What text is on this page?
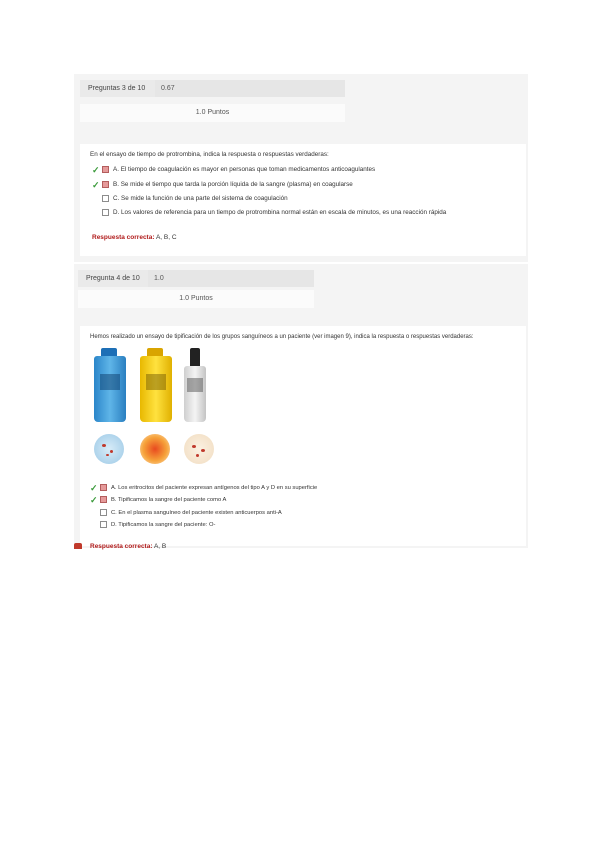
Preguntas 3 de 10	0.67
1.0 Puntos
En el ensayo de tiempo de protrombina, indica la respuesta o respuestas verdaderas:
✓	A. El tiempo de coagulación es mayor en personas que toman medicamentos anticoagulantes
✓	B. Se mide el tiempo que tarda la porción líquida de la sangre (plasma) en coagularse
C. Se mide la función de una parte del sistema de coagulación
D. Los valores de referencia para un tiempo de protrombina normal están en escala de minutos, es una reacción rápida
Respuesta correcta: A, B, C
Pregunta 4 de 10	1.0
1.0 Puntos
Hemos realizado un ensayo de tipificación de los grupos sanguíneos a un paciente (ver imagen 9), indica la respuesta o respuestas verdaderas:
✓	A. Los eritrocitos del paciente expresan antígenos del tipo A y D en su superficie
✓	B. Tipificamos la sangre del paciente como A
C. En el plasma sanguíneo del paciente existen anticuerpos anti-A
D. Tipificamos la sangre del paciente: O-
Respuesta correcta: A, B
